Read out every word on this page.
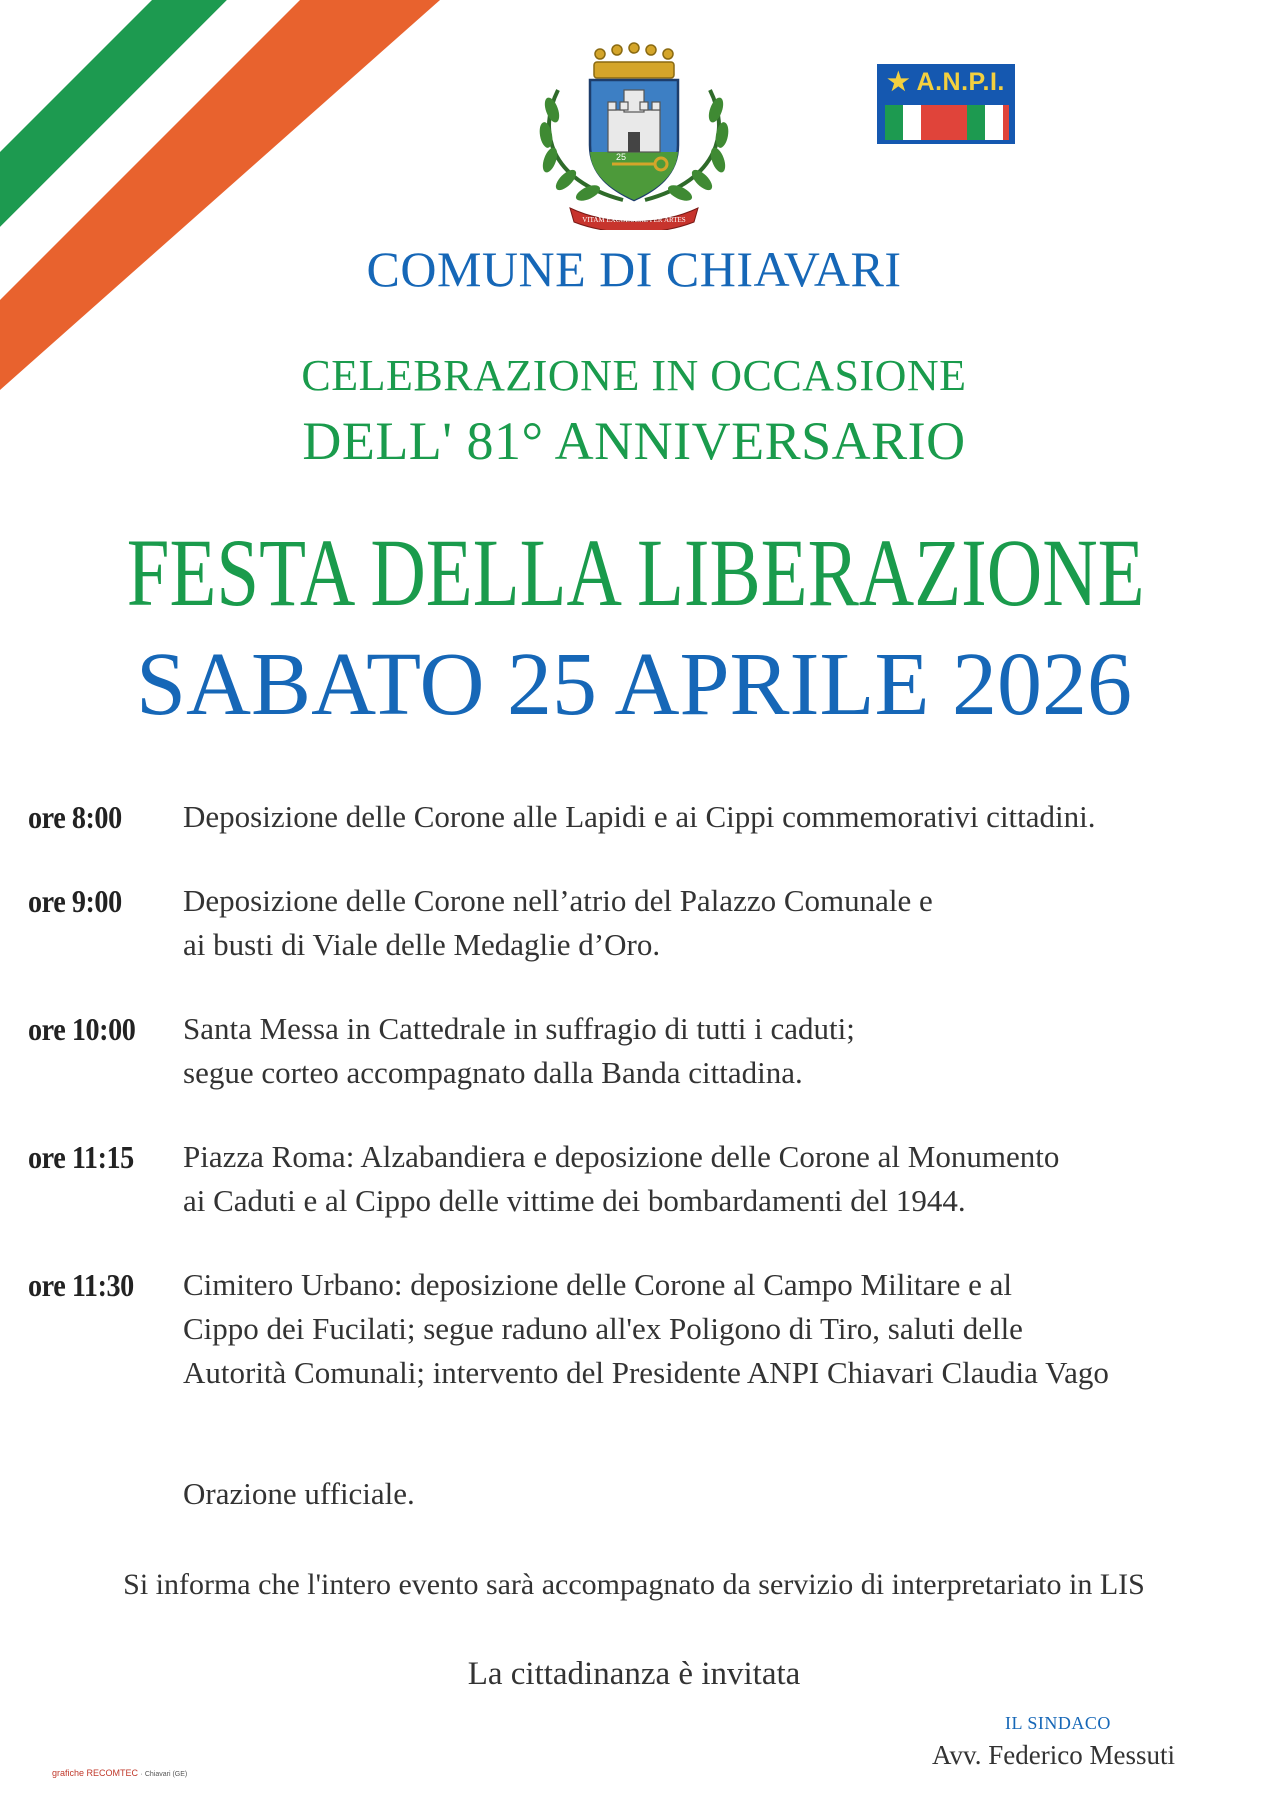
25
VITAM EXCOLUERE PER ARTES
★ A.N.P.I.
COMUNE DI CHIAVARI
CELEBRAZIONE IN OCCASIONE
DELL' 81° ANNIVERSARIO
FESTA DELLA LIBERAZIONE
SABATO 25 APRILE 2026
ore 8:00	Deposizione delle Corone alle Lapidi e ai Cippi commemorativi cittadini.
ore 9:00	Deposizione delle Corone nell’atrio del Palazzo Comunale e
ai busti di Viale delle Medaglie d’Oro.
ore 10:00	Santa Messa in Cattedrale in suffragio di tutti i caduti;
segue corteo accompagnato dalla Banda cittadina.
ore 11:15	Piazza Roma: Alzabandiera e deposizione delle Corone al Monumento
ai Caduti e al Cippo delle vittime dei bombardamenti del 1944.
ore 11:30	Cimitero Urbano: deposizione delle Corone al Campo Militare e al
Cippo dei Fucilati; segue raduno all'ex Poligono di Tiro, saluti delle
Autorità Comunali; intervento del Presidente ANPI Chiavari Claudia Vago
Orazione ufficiale.
Si informa che l'intero evento sarà accompagnato da servizio di interpretariato in LIS
La cittadinanza è invitata
IL SINDACO
Avv. Federico Messuti
grafiche RECOMTEC · Chiavari (GE)
